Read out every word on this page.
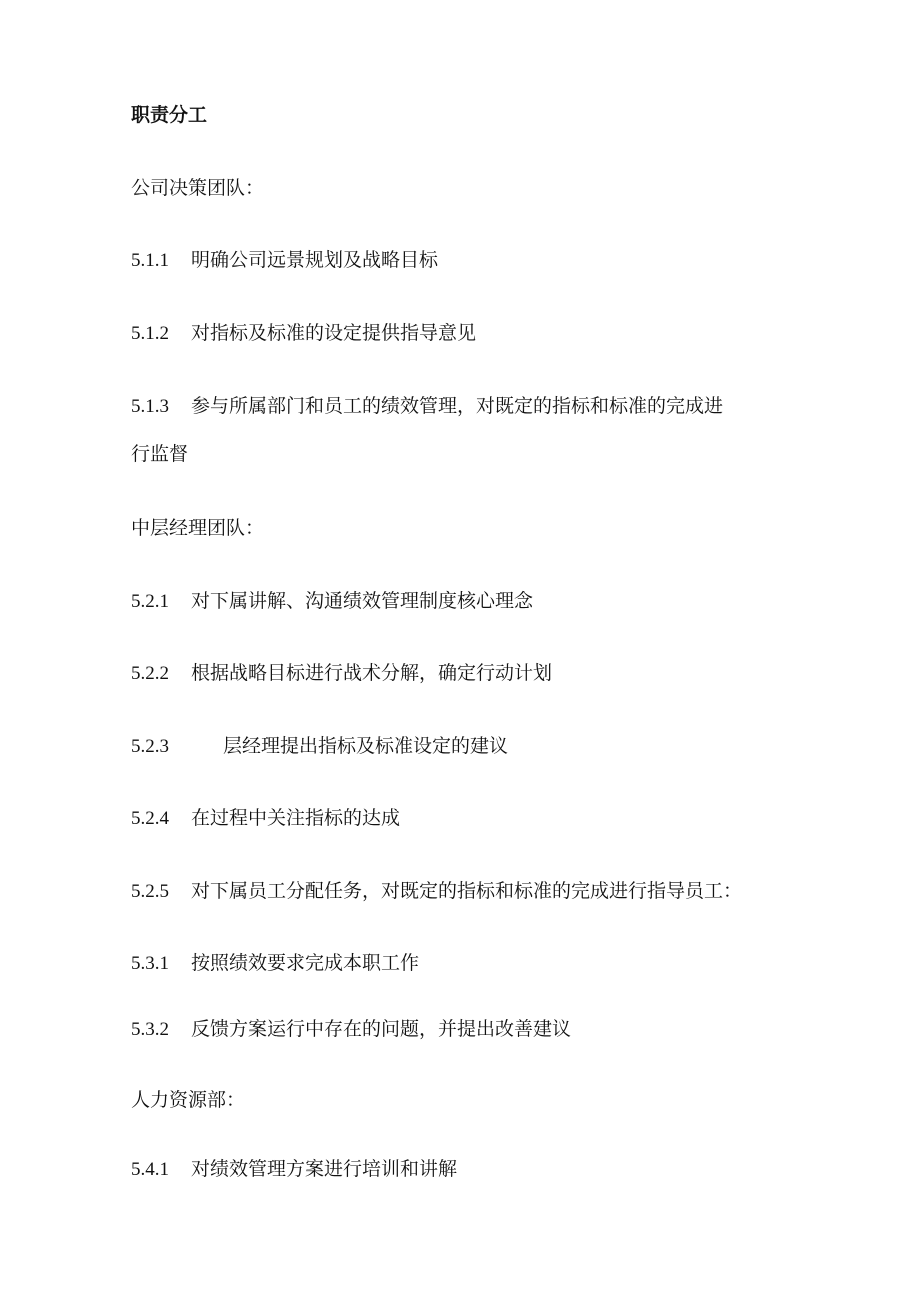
职责分工
公司决策团队：
5.1.1 明确公司远景规划及战略目标
5.1.2 对指标及标准的设定提供指导意见
5.1.3 参与所属部门和员工的绩效管理，对既定的指标和标准的完成进
行监督
中层经理团队：
5.2.1 对下属讲解、沟通绩效管理制度核心理念
5.2.2 根据战略目标进行战术分解，确定行动计划
5.2.3	层经理提出指标及标准设定的建议
5.2.4 在过程中关注指标的达成
5.2.5 对下属员工分配任务，对既定的指标和标准的完成进行指导员工：
5.3.1 按照绩效要求完成本职工作
5.3.2 反馈方案运行中存在的问题，并提出改善建议
人力资源部：
5.4.1 对绩效管理方案进行培训和讲解
